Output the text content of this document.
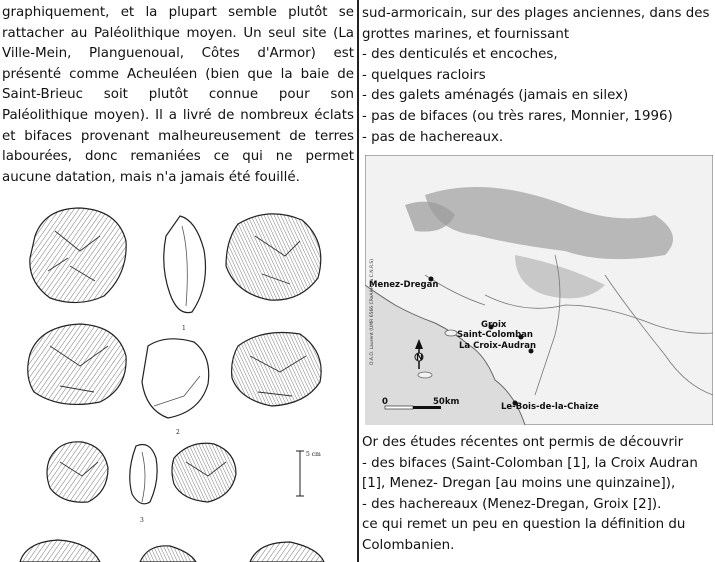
graphiquement, et la plupart semble plutôt se rattacher au Paléolithique moyen. Un seul site (La Ville-Mein, Planguenoual, Côtes d'Armor) est présenté comme Acheuléen (bien que la baie de Saint-Brieuc soit plutôt connue pour son Paléolithique moyen). Il a livré de nombreux éclats et bifaces provenant malheureusement de terres labourées, donc remaniées ce qui ne permet aucune datation, mais n'a jamais été fouillé.

1
2
3
5 cm
sud-armoricain, sur des plages anciennes, dans des
grottes marines, et fournissant
- des denticulés et encoches,
- quelques racloirs
- des galets aménagés (jamais en silex)
- pas de bifaces (ou très rares, Monnier, 1996)
- pas de hachereaux.
Menez-Dregan
Groix
Saint-Colomban
La Croix-Audran
Le-Bois-de-la-Chaize
N
0	50km
D.A.O. Laurent (UMR 6566 CReAAH du C.N.R.S)
Or des études récentes ont permis de découvrir
- des bifaces (Saint-Colomban [1], la Croix Audran
[1], Menez- Dregan [au moins une quinzaine]),
- des hachereaux (Menez-Dregan, Groix [2]).
ce qui remet un peu en question la définition du
Colombanien.
